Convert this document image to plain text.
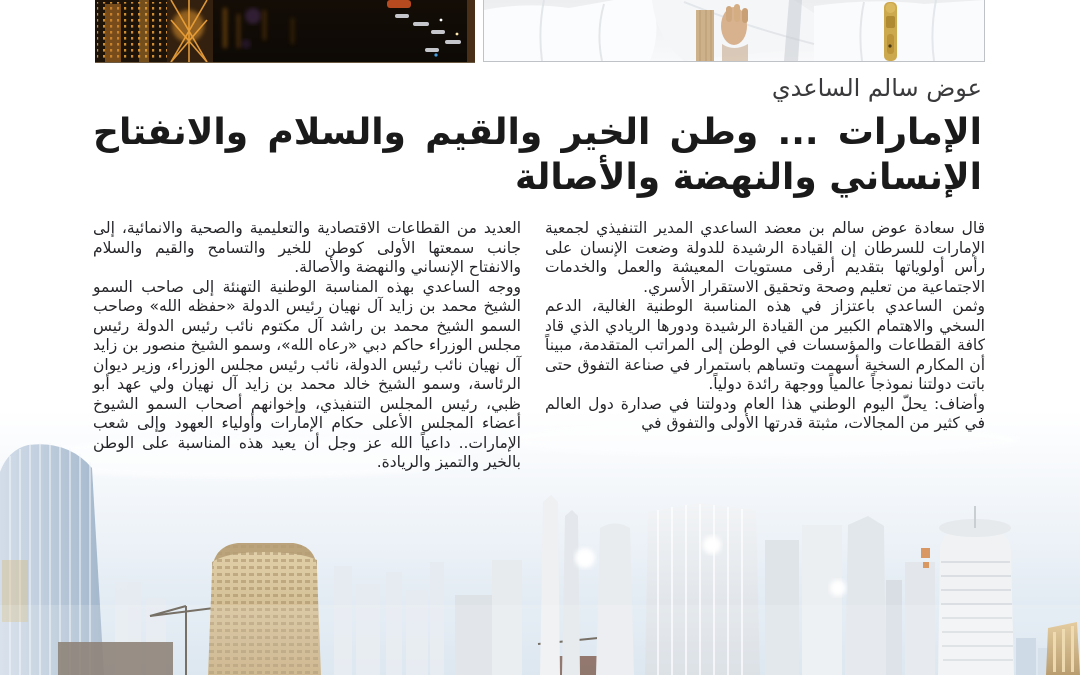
عوض سالم الساعدي
الإمارات ... وطن الخير والقيم والسلام والانفتاح
الإنساني والنهضة والأصالة

قال سعادة عوض سالم بن معضد الساعدي المدير التنفيذي لجمعية الإمارات للسرطان إن القيادة الرشيدة للدولة وضعت الإنسان على رأس أولوياتها بتقديم أرقى مستويات المعيشة والعمل والخدمات الاجتماعية من تعليم وصحة وتحقيق الاستقرار الأسري.

وثمن الساعدي باعتزاز في هذه المناسبة الوطنية الغالية، الدعم السخي والاهتمام الكبير من القيادة الرشيدة ودورها الريادي الذي قاد كافة القطاعات والمؤسسات في الوطن إلى المراتب المتقدمة، مبيناً أن المكارم السخية أسهمت وتساهم باستمرار في صناعة التفوق حتى باتت دولتنا نموذجاً عالمياً ووجهة رائدة دولياً.

وأضاف: يحلّ اليوم الوطني هذا العام ودولتنا في صدارة دول العالم في كثير من المجالات، مثبتة قدرتها الأولى والتفوق في

العديد من القطاعات الاقتصادية والتعليمية والصحية والانمائية، إلى جانب سمعتها الأولى كوطن للخير والتسامح والقيم والسلام والانفتاح الإنساني والنهضة والأصالة.

ووجه الساعدي بهذه المناسبة الوطنية التهنئة إلى صاحب السمو الشيخ محمد بن زايد آل نهيان رئيس الدولة «حفظه الله» وصاحب السمو الشيخ محمد بن راشد آل مكتوم نائب رئيس الدولة رئيس مجلس الوزراء حاكم دبي «رعاه الله»، وسمو الشيخ منصور بن زايد آل نهيان نائب رئيس الدولة، نائب رئيس مجلس الوزراء، وزير ديوان الرئاسة، وسمو الشيخ خالد محمد بن زايد آل نهيان ولي عهد أبو ظبي، رئيس المجلس التنفيذي، وإخوانهم أصحاب السمو الشيوخ أعضاء المجلس الأعلى حكام الإمارات وأولياء العهود وإلى شعب الإمارات.. داعياً الله عز وجل أن يعيد هذه المناسبة على الوطن بالخير والتميز والريادة.
